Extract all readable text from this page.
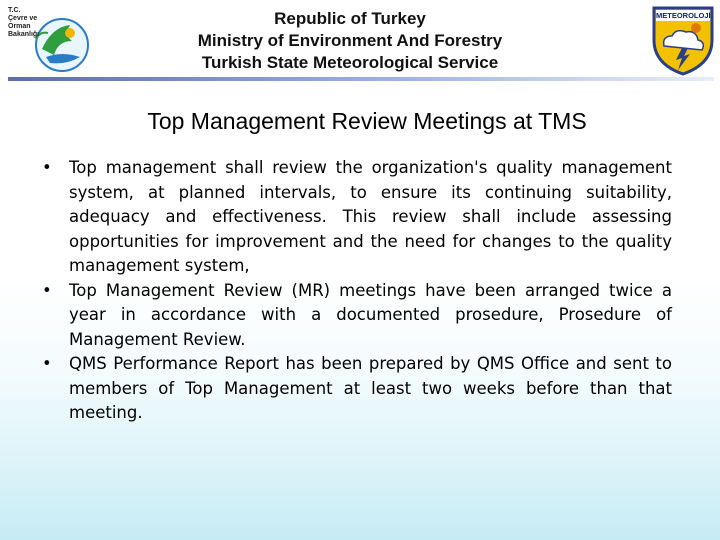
T.C.
Çevre ve Orman
Bakanlığı
Republic of Turkey
Ministry of Environment And Forestry
Turkish State Meteorological Service
METEOROLOJİ
Top Management Review Meetings at TMS
• Top management shall review the organization's quality management system, at planned intervals, to ensure its continuing suitability, adequacy and effectiveness. This review shall include assessing opportunities for improvement and the need for changes to the quality management system,
• Top Management Review (MR) meetings have been arranged twice a year in accordance with a documented prosedure, Prosedure of Management Review.
• QMS Performance Report has been prepared by QMS Office and sent to members of Top Management at least two weeks before than that meeting.
